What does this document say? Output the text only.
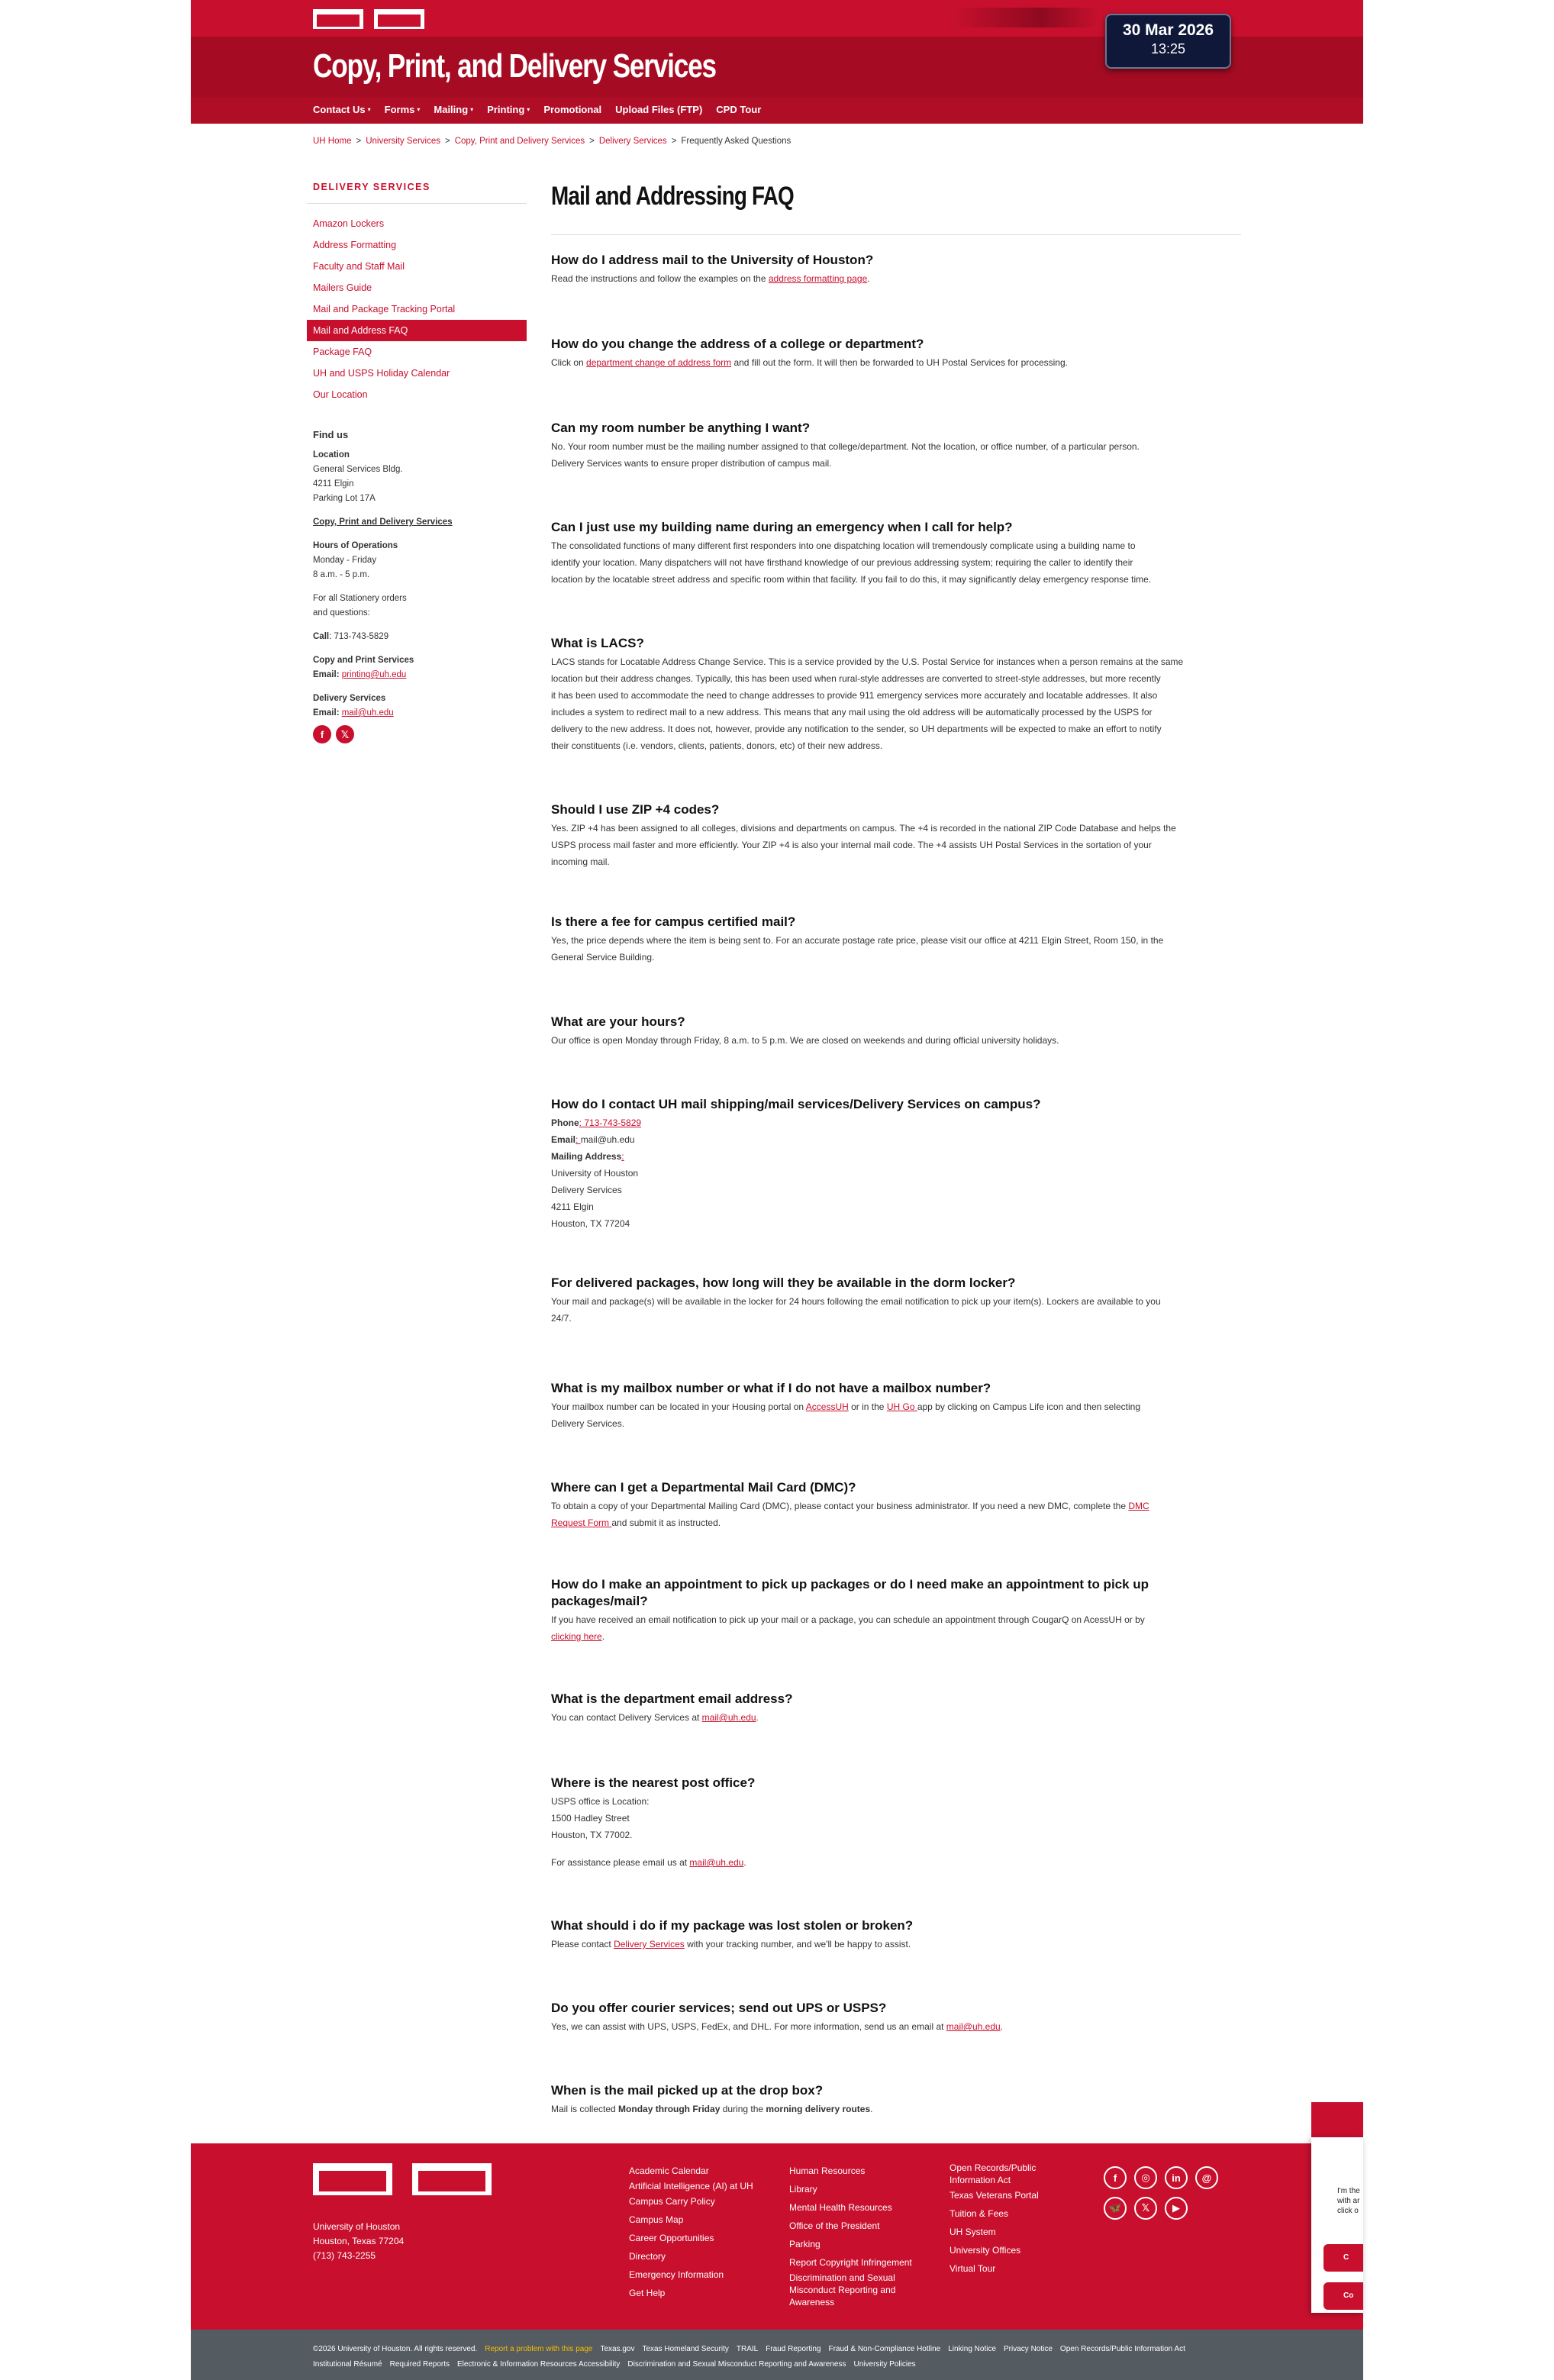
Copy, Print, and Delivery Services
30 Mar 2026
13:25
Contact Us ▾ Forms ▾ Mailing ▾ Printing ▾ Promotional Upload Files (FTP) CPD Tour
UH Home > University Services > Copy, Print and Delivery Services > Delivery Services > Frequently Asked Questions
DELIVERY SERVICES
Amazon Lockers
Address Formatting
Faculty and Staff Mail
Mailers Guide
Mail and Package Tracking Portal
Mail and Address FAQ
Package FAQ
UH and USPS Holiday Calendar
Our Location
Find us
Location
General Services Bldg.
4211 Elgin
Parking Lot 17A
Copy, Print and Delivery Services
Hours of Operations
Monday - Friday
8 a.m. - 5 p.m.
For all Stationery orders
and questions:
Call: 713-743-5829
Copy and Print Services
Email: printing@uh.edu
Delivery Services
Email: mail@uh.edu
f	𝕏
Mail and Addressing FAQ
How do I address mail to the University of Houston?

Read the instructions and follow the examples on the address formatting page.

How do you change the address of a college or department?

Click on department change of address form and fill out the form. It will then be forwarded to UH Postal Services for processing.

Can my room number be anything I want?

No. Your room number must be the mailing number assigned to that college/department. Not the location, or office number, of a particular person.
Delivery Services wants to ensure proper distribution of campus mail.

Can I just use my building name during an emergency when I call for help?

The consolidated functions of many different first responders into one dispatching location will tremendously complicate using a building name to
identify your location. Many dispatchers will not have firsthand knowledge of our previous addressing system; requiring the caller to identify their
location by the locatable street address and specific room within that facility. If you fail to do this, it may significantly delay emergency response time.

What is LACS?

LACS stands for Locatable Address Change Service. This is a service provided by the U.S. Postal Service for instances when a person remains at the same
location but their address changes. Typically, this has been used when rural-style addresses are converted to street-style addresses, but more recently
it has been used to accommodate the need to change addresses to provide 911 emergency services more accurately and locatable addresses. It also
includes a system to redirect mail to a new address. This means that any mail using the old address will be automatically processed by the USPS for
delivery to the new address. It does not, however, provide any notification to the sender, so UH departments will be expected to make an effort to notify
their constituents (i.e. vendors, clients, patients, donors, etc) of their new address.

Should I use ZIP +4 codes?

Yes. ZIP +4 has been assigned to all colleges, divisions and departments on campus. The +4 is recorded in the national ZIP Code Database and helps the
USPS process mail faster and more efficiently. Your ZIP +4 is also your internal mail code. The +4 assists UH Postal Services in the sortation of your
incoming mail.

Is there a fee for campus certified mail?

Yes, the price depends where the item is being sent to. For an accurate postage rate price, please visit our office at 4211 Elgin Street, Room 150, in the
General Service Building.

What are your hours?

Our office is open Monday through Friday, 8 a.m. to 5 p.m. We are closed on weekends and during official university holidays.

How do I contact UH mail shipping/mail services/Delivery Services on campus?

Phone: 713-743-5829
Email: mail@uh.edu
Mailing Address:
University of Houston
Delivery Services
4211 Elgin
Houston, TX 77204

For delivered packages, how long will they be available in the dorm locker?

Your mail and package(s) will be available in the locker for 24 hours following the email notification to pick up your item(s). Lockers are available to you
24/7.

What is my mailbox number or what if I do not have a mailbox number?

Your mailbox number can be located in your Housing portal on AccessUH or in the UH Go app by clicking on Campus Life icon and then selecting
Delivery Services.

Where can I get a Departmental Mail Card (DMC)?

To obtain a copy of your Departmental Mailing Card (DMC), please contact your business administrator. If you need a new DMC, complete the DMC
Request Form and submit it as instructed.

How do I make an appointment to pick up packages or do I need make an appointment to pick up packages/mail?

If you have received an email notification to pick up your mail or a package, you can schedule an appointment through CougarQ on AcessUH or by
clicking here.

What is the department email address?

You can contact Delivery Services at mail@uh.edu.

Where is the nearest post office?

USPS office is Location:
1500 Hadley Street
Houston, TX 77002.
For assistance please email us at mail@uh.edu.

What should i do if my package was lost stolen or broken?

Please contact Delivery Services with your tracking number, and we'll be happy to assist.

Do you offer courier services; send out UPS or USPS?

Yes, we can assist with UPS, USPS, FedEx, and DHL. For more information, send us an email at mail@uh.edu.

When is the mail picked up at the drop box?

Mail is collected Monday through Friday during the morning delivery routes.

University of Houston
Houston, Texas 77204
(713) 743-2255
Academic Calendar
Artificial Intelligence (AI) at UH
Campus Carry Policy
Campus Map
Career Opportunities
Directory
Emergency Information
Get Help
Human Resources
Library
Mental Health Resources
Office of the President
Parking
Report Copyright Infringement
Discrimination and Sexual Misconduct Reporting and Awareness
Open Records/Public Information Act
Texas Veterans Portal
Tuition & Fees
UH System
University Offices
Virtual Tour
f	◎	in	@
🦋	𝕏	▶
©2026 University of Houston. All rights reserved. Report a problem with this page Texas.gov Texas Homeland Security TRAIL Fraud Reporting Fraud & Non-Compliance Hotline Linking Notice Privacy Notice Open Records/Public Information Act
Institutional Résumé Required Reports Electronic & Information Resources Accessibility Discrimination and Sexual Misconduct Reporting and Awareness University Policies
I'm the
with ar
click o
C
Co
